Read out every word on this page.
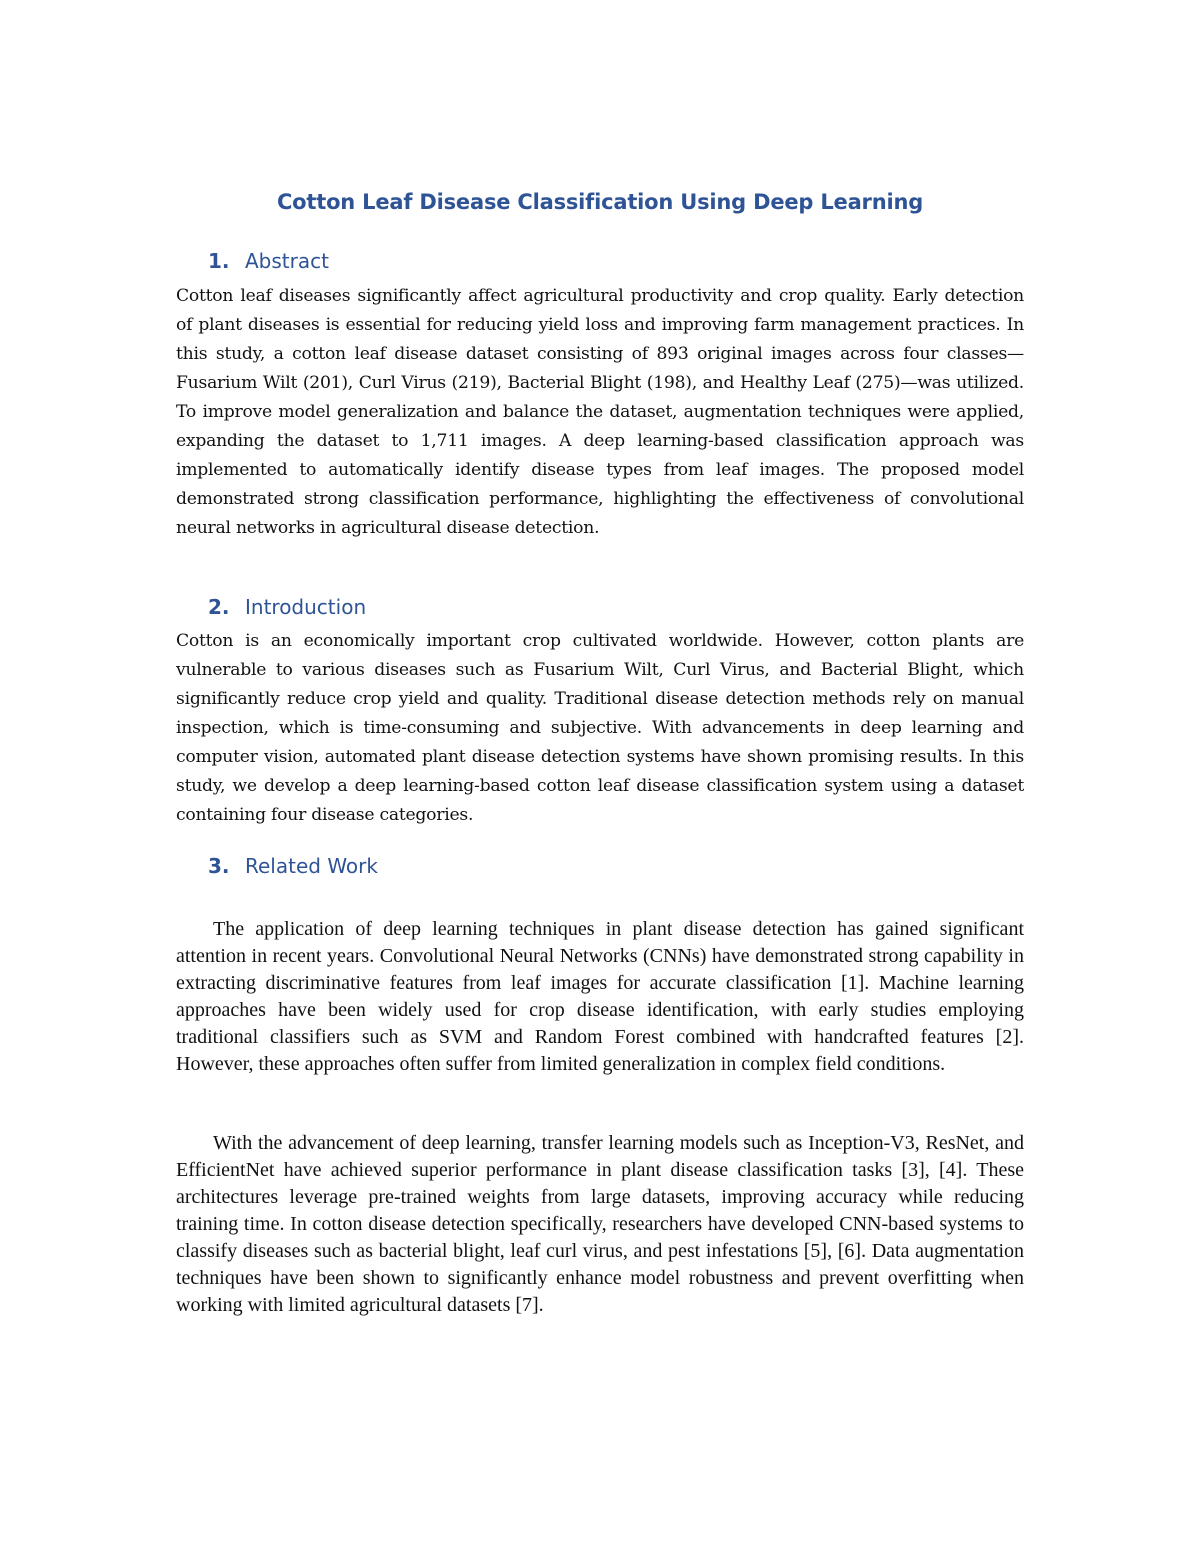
Cotton Leaf Disease Classification Using Deep Learning
1. Abstract

Cotton leaf diseases significantly affect agricultural productivity and crop quality. Early detection of plant diseases is essential for reducing yield loss and improving farm management practices. In this study, a cotton leaf disease dataset consisting of 893 original images across four classes—Fusarium Wilt (201), Curl Virus (219), Bacterial Blight (198), and Healthy Leaf (275)—was utilized. To improve model generalization and balance the dataset, augmentation techniques were applied, expanding the dataset to 1,711 images. A deep learning-based classification approach was implemented to automatically identify disease types from leaf images. The proposed model demonstrated strong classification performance, highlighting the effectiveness of convolutional neural networks in agricultural disease detection.

2. Introduction

Cotton is an economically important crop cultivated worldwide. However, cotton plants are vulnerable to various diseases such as Fusarium Wilt, Curl Virus, and Bacterial Blight, which significantly reduce crop yield and quality. Traditional disease detection methods rely on manual inspection, which is time-consuming and subjective. With advancements in deep learning and computer vision, automated plant disease detection systems have shown promising results. In this study, we develop a deep learning-based cotton leaf disease classification system using a dataset containing four disease categories.

3. Related Work

The application of deep learning techniques in plant disease detection has gained significant attention in recent years. Convolutional Neural Networks (CNNs) have demonstrated strong capability in extracting discriminative features from leaf images for accurate classification [1]. Machine learning approaches have been widely used for crop disease identification, with early studies employing traditional classifiers such as SVM and Random Forest combined with handcrafted features [2]. However, these approaches often suffer from limited generalization in complex field conditions.

With the advancement of deep learning, transfer learning models such as Inception-V3, ResNet, and EfficientNet have achieved superior performance in plant disease classification tasks [3], [4]. These architectures leverage pre-trained weights from large datasets, improving accuracy while reducing training time. In cotton disease detection specifically, researchers have developed CNN-based systems to classify diseases such as bacterial blight, leaf curl virus, and pest infestations [5], [6]. Data augmentation techniques have been shown to significantly enhance model robustness and prevent overfitting when working with limited agricultural datasets [7].
